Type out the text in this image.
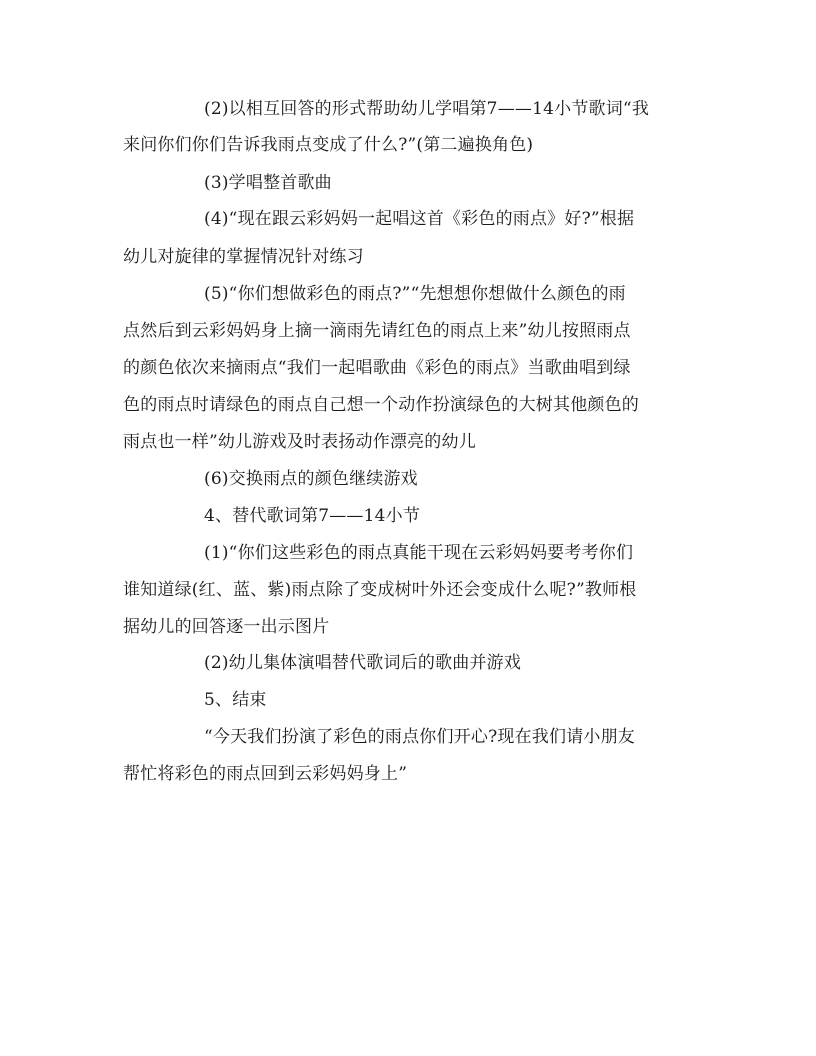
(2)以相互回答的形式帮助幼儿学唱第7——14小节歌词“我
来问你们你们告诉我雨点变成了什么?”(第二遍换角色)
(3)学唱整首歌曲
(4)“现在跟云彩妈妈一起唱这首《彩色的雨点》好?”根据
幼儿对旋律的掌握情况针对练习
(5)“你们想做彩色的雨点?”“先想想你想做什么颜色的雨
点然后到云彩妈妈身上摘一滴雨先请红色的雨点上来”幼儿按照雨点
的颜色依次来摘雨点“我们一起唱歌曲《彩色的雨点》当歌曲唱到绿
色的雨点时请绿色的雨点自己想一个动作扮演绿色的大树其他颜色的
雨点也一样”幼儿游戏及时表扬动作漂亮的幼儿
(6)交换雨点的颜色继续游戏
4、替代歌词第7——14小节
(1)“你们这些彩色的雨点真能干现在云彩妈妈要考考你们
谁知道绿(红、蓝、紫)雨点除了变成树叶外还会变成什么呢?”教师根
据幼儿的回答逐一出示图片
(2)幼儿集体演唱替代歌词后的歌曲并游戏
5、结束
“今天我们扮演了彩色的雨点你们开心?现在我们请小朋友
帮忙将彩色的雨点回到云彩妈妈身上”
